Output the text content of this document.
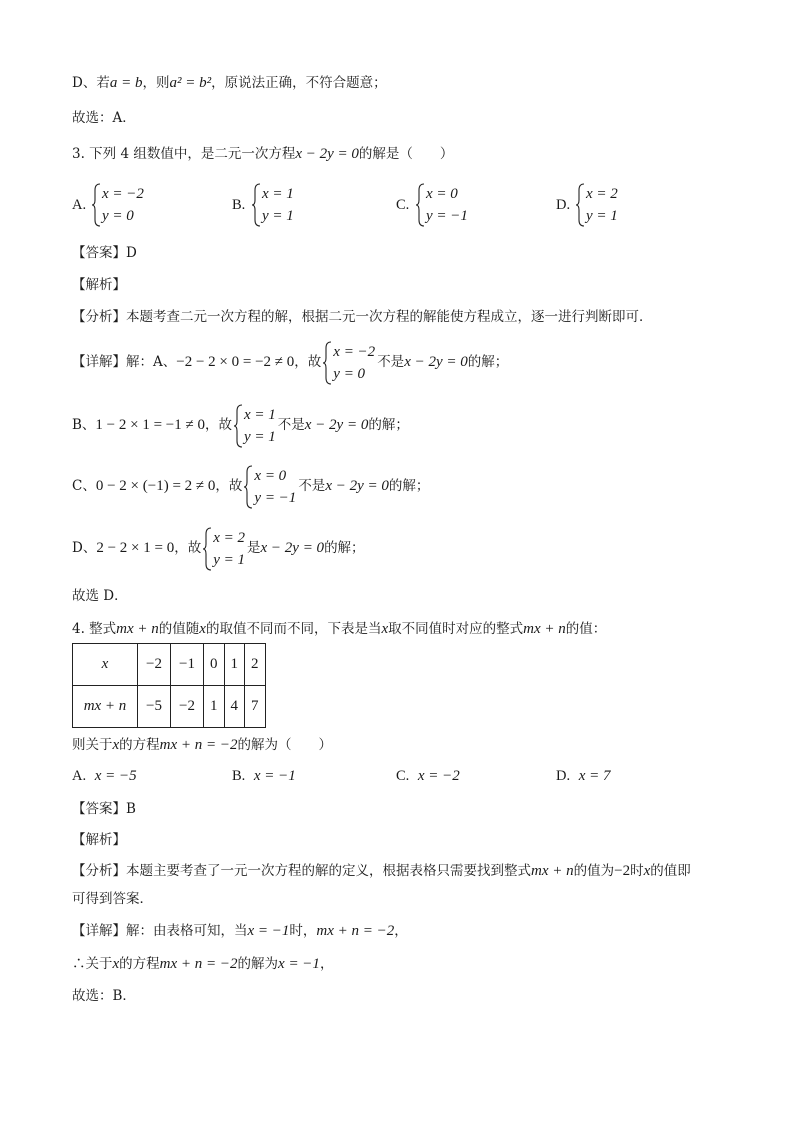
D、若a = b，则a² = b²，原说法正确，不符合题意；
故选：A．
3. 下列 4 组数值中，是二元一次方程x − 2y = 0的解是（　　）
A.
x = −2
y = 0
B.
x = 1
y = 1
C.
x = 0
y = −1
D.
x = 2
y = 1
【答案】D
【解析】
【分析】本题考查二元一次方程的解，根据二元一次方程的解能使方程成立，逐一进行判断即可．
【详解】解：A、−2 − 2 × 0 = −2 ≠ 0，故
x = −2
y = 0
不是x − 2y = 0的解；
B、1 − 2 × 1 = −1 ≠ 0，故
x = 1
y = 1
不是x − 2y = 0的解；
C、0 − 2 × (−1) = 2 ≠ 0，故
x = 0
y = −1
不是x − 2y = 0的解；
D、2 − 2 × 1 = 0，故
x = 2
y = 1
是x − 2y = 0的解；
故选 D．
4. 整式mx + n的值随x的取值不同而不同，下表是当x取不同值时对应的整式mx + n的值：
x	−2	−1	0	1	2
mx + n	−5	−2	1	4	7
则关于x的方程mx + n = −2的解为（　　）
A. x = −5	B. x = −1	C. x = −2	D. x = 7
【答案】B
【解析】
【分析】本题主要考查了一元一次方程的解的定义，根据表格只需要找到整式mx + n的值为−2时x的值即
可得到答案．
【详解】解：由表格可知，当x = −1时，mx + n = −2，
∴关于x的方程mx + n = −2的解为x = −1，
故选：B．
